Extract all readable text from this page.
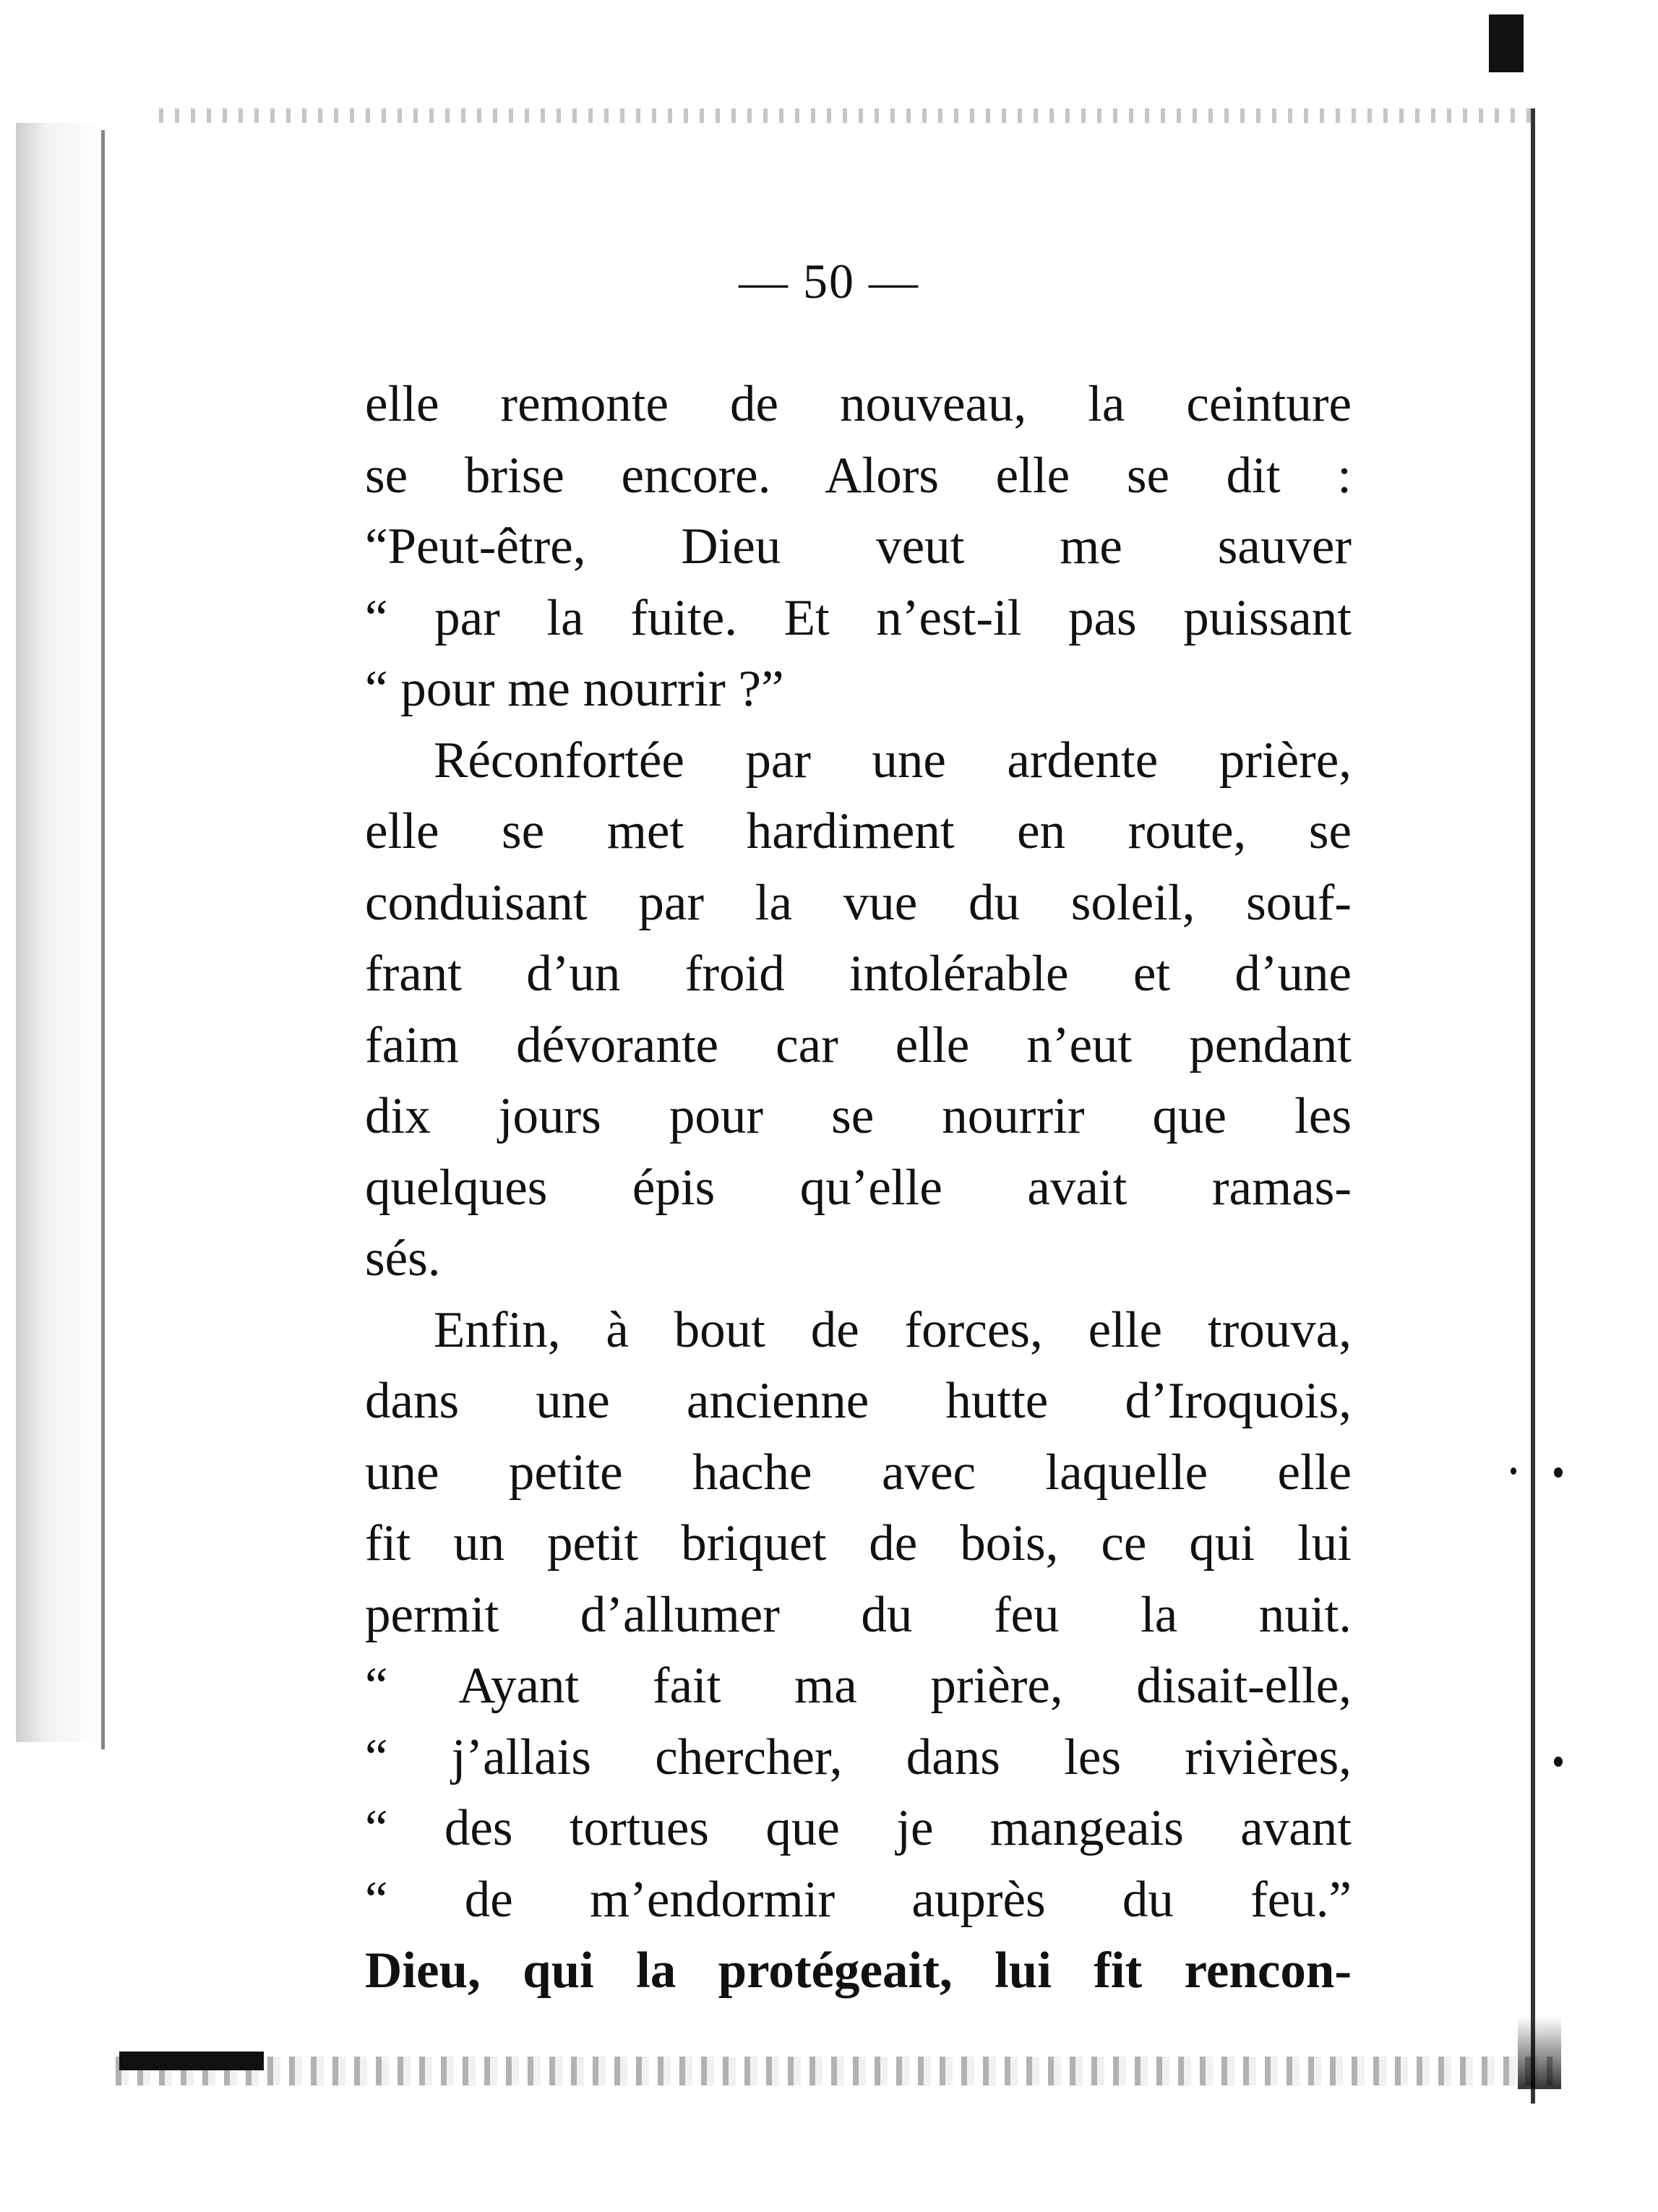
— 50 —
elle remonte de nouveau, la ceinture
se brise encore. Alors elle se dit :
“Peut-être, Dieu veut me sauver
“ par la fuite. Et n’est-il pas puissant
“ pour me nourrir ?”
Réconfortée par une ardente prière,
elle se met hardiment en route, se
conduisant par la vue du soleil, souf-
frant d’un froid intolérable et d’une
faim dévorante car elle n’eut pendant
dix jours pour se nourrir que les
quelques épis qu’elle avait ramas-
sés.
Enfin, à bout de forces, elle trouva,
dans une ancienne hutte d’Iroquois,
une petite hache avec laquelle elle
fit un petit briquet de bois, ce qui lui
permit d’allumer du feu la nuit.
“ Ayant fait ma prière, disait-elle,
“ j’allais chercher, dans les rivières,
“ des tortues que je mangeais avant
“ de m’endormir auprès du feu.”
Dieu, qui la protégeait, lui fit rencon-
